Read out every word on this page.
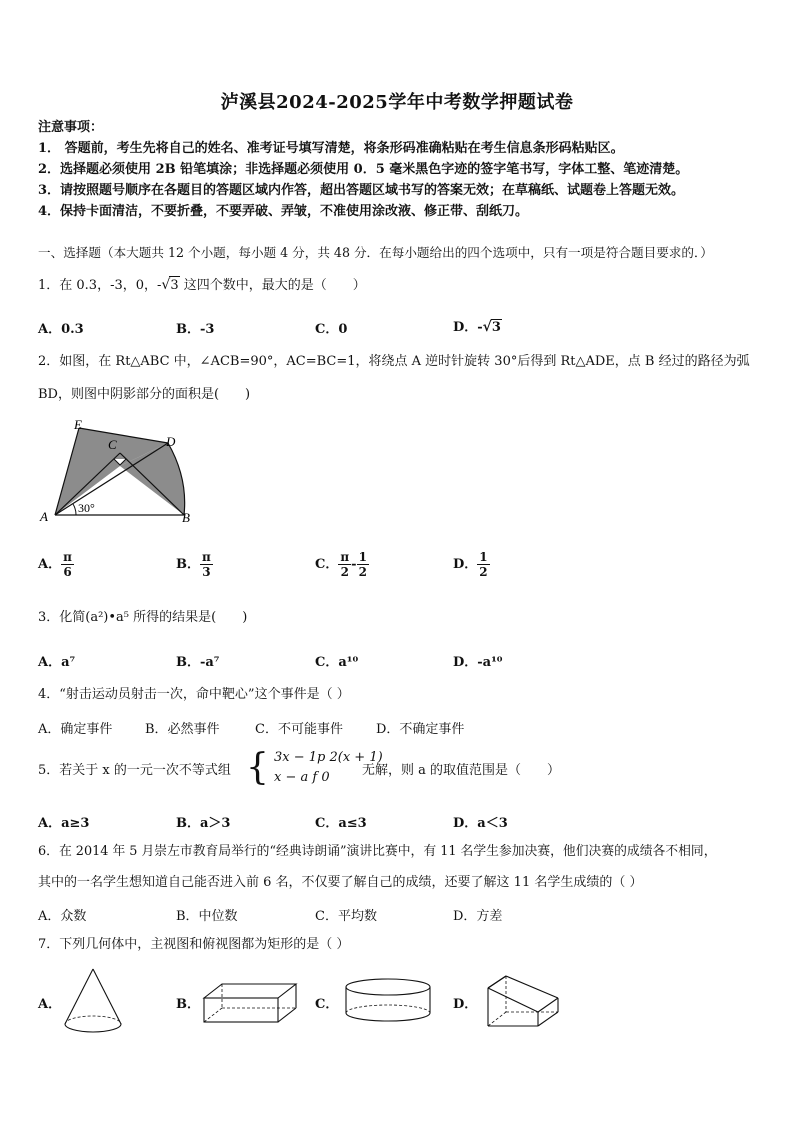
泸溪县2024-2025学年中考数学押题试卷
注意事项：
1． 答题前，考生先将自己的姓名、准考证号填写清楚，将条形码准确粘贴在考生信息条形码粘贴区。
2．选择题必须使用 2B 铅笔填涂；非选择题必须使用 0．5 毫米黑色字迹的签字笔书写，字体工整、笔迹清楚。
3．请按照题号顺序在各题目的答题区域内作答，超出答题区域书写的答案无效；在草稿纸、试题卷上答题无效。
4．保持卡面清洁，不要折叠，不要弄破、弄皱，不准使用涂改液、修正带、刮纸刀。
一、选择题（本大题共 12 个小题，每小题 4 分，共 48 分．在每小题给出的四个选项中，只有一项是符合题目要求的．）
1．在 0.3，-3，0，-√3 这四个数中，最大的是（　　）
A．0.3	B．-3	C．0	D．-√3
2．如图，在 Rt△ABC 中，∠ACB=90°，AC=BC=1，将绕点 A 逆时针旋转 30°后得到 Rt△ADE，点 B 经过的路径为弧
BD，则图中阴影部分的面积是(　　)
E
C	D
A	B
30°
A． $\frac{\pi}{6}$	B． $\frac{\pi}{3}$	C． $\frac{\pi}{2} - \frac{1}{2}$	D． $\frac{1}{2}$
3．化简(a²)•a⁵ 所得的结果是(　　)
A．a⁷	B．-a⁷	C．a¹⁰	D．-a¹⁰
4．“射击运动员射击一次，命中靶心”这个事件是（ ）
A．确定事件	B．必然事件	C．不可能事件	D．不确定事件
5．若关于 x 的一元一次不等式组 { 3x − 1p 2(x + 1)
x − a f 0	无解，则 a 的取值范围是（　　）
A．a≥3	B．a＞3	C．a≤3	D．a＜3
6．在 2014 年 5 月崇左市教育局举行的“经典诗朗诵”演讲比赛中，有 11 名学生参加决赛，他们决赛的成绩各不相同，
其中的一名学生想知道自己能否进入前 6 名，不仅要了解自己的成绩，还要了解这 11 名学生成绩的（ ）
A．众数	B．中位数	C．平均数	D．方差
7．下列几何体中，主视图和俯视图都为矩形的是（ ）
A．	B．	C．	D．
